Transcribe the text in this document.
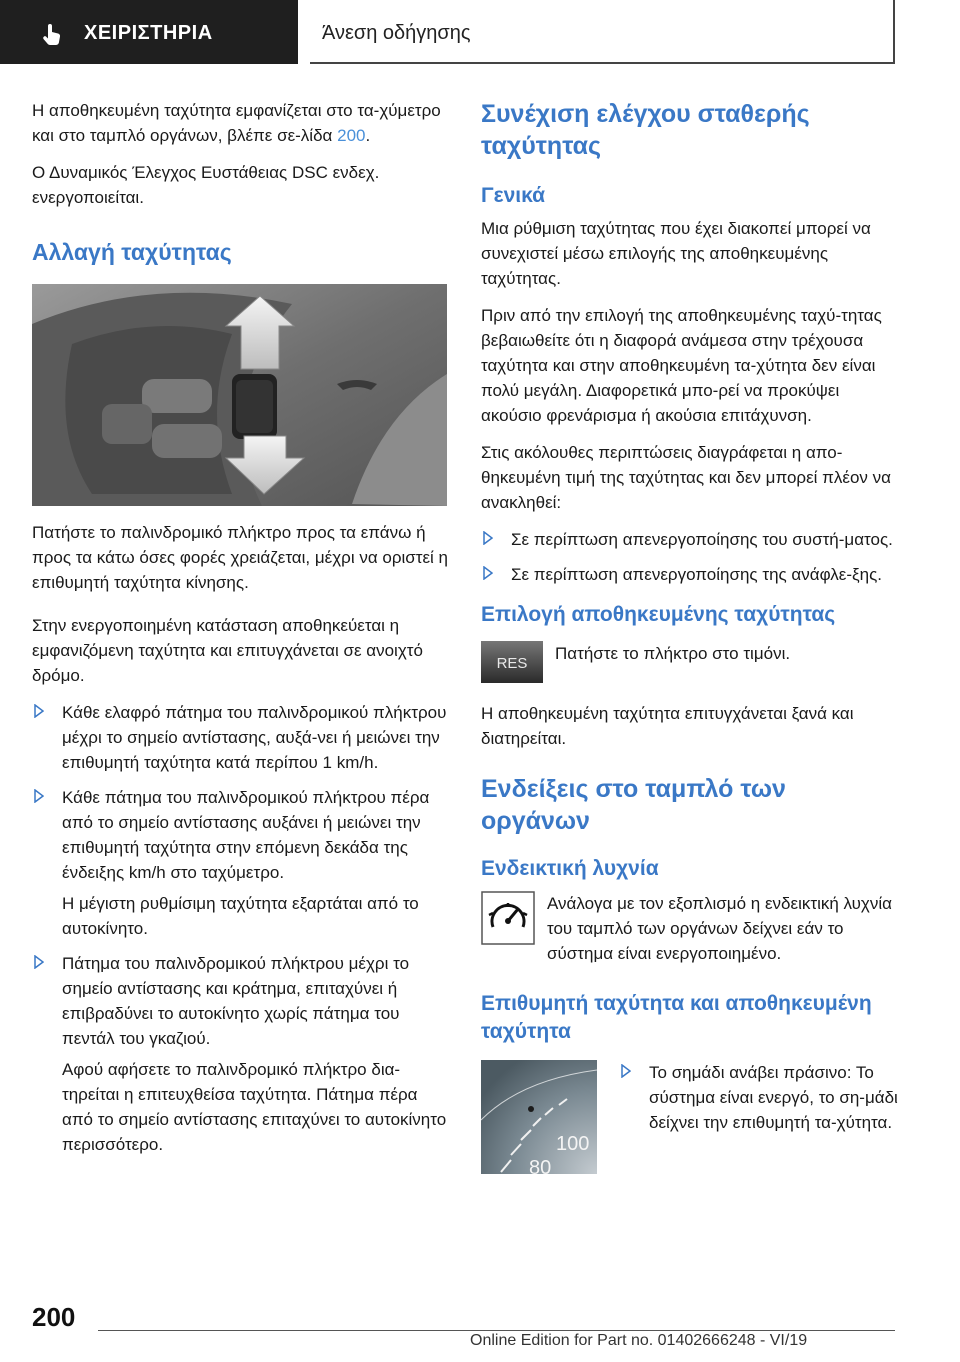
ΧΕΙΡΙΣΤΗΡΙΑ	Άνεση οδήγησης

Η αποθηκευμένη ταχύτητα εμφανίζεται στο τα-χύμετρο και στο ταμπλό οργάνων, βλέπε σε-λίδα 200.

Ο Δυναμικός Έλεγχος Ευστάθειας DSC ενδεχ. ενεργοποιείται.

Αλλαγή ταχύτητας

Πατήστε το παλινδρομικό πλήκτρο προς τα επάνω ή προς τα κάτω όσες φορές χρειάζεται, μέχρι να οριστεί η επιθυμητή ταχύτητα κίνησης.

Στην ενεργοποιημένη κατάσταση αποθηκεύεται η εμφανιζόμενη ταχύτητα και επιτυγχάνεται σε ανοιχτό δρόμο.

Κάθε ελαφρό πάτημα του παλινδρομικού πλήκτρου μέχρι το σημείο αντίστασης, αυξά-νει ή μειώνει την επιθυμητή ταχύτητα κατά περίπου 1 km/h.
Κάθε πάτημα του παλινδρομικού πλήκτρου πέρα από το σημείο αντίστασης αυξάνει ή μειώνει την επιθυμητή ταχύτητα στην επόμενη δεκάδα της ένδειξης km/h στο ταχύμετρο.

Η μέγιστη ρυθμίσιμη ταχύτητα εξαρτάται από το αυτοκίνητο.

Πάτημα του παλινδρομικού πλήκτρου μέχρι το σημείο αντίστασης και κράτημα, επιταχύνει ή επιβραδύνει το αυτοκίνητο χωρίς πάτημα του πεντάλ του γκαζιού.

Αφού αφήσετε το παλινδρομικό πλήκτρο δια-τηρείται η επιτευχθείσα ταχύτητα. Πάτημα πέρα από το σημείο αντίστασης επιταχύνει το αυτοκίνητο περισσότερο.

Συνέχιση ελέγχου σταθερής ταχύτητας
Γενικά

Μια ρύθμιση ταχύτητας που έχει διακοπεί μπορεί να συνεχιστεί μέσω επιλογής της αποθηκευμένης ταχύτητας.

Πριν από την επιλογή της αποθηκευμένης ταχύ-τητας βεβαιωθείτε ότι η διαφορά ανάμεσα στην τρέχουσα ταχύτητα και στην αποθηκευμένη τα-χύτητα δεν είναι πολύ μεγάλη. Διαφορετικά μπο-ρεί να προκύψει ακούσιο φρενάρισμα ή ακούσια επιτάχυνση.

Στις ακόλουθες περιπτώσεις διαγράφεται η απο-θηκευμένη τιμή της ταχύτητας και δεν μπορεί πλέον να ανακληθεί:

Σε περίπτωση απενεργοποίησης του συστή-ματος.
Σε περίπτωση απενεργοποίησης της ανάφλε-ξης.
Επιλογή αποθηκευμένης ταχύτητας
RES
Πατήστε το πλήκτρο στο τιμόνι.

Η αποθηκευμένη ταχύτητα επιτυγχάνεται ξανά και διατηρείται.

Ενδείξεις στο ταμπλό των οργάνων
Ενδεικτική λυχνία
Ανάλογα με τον εξοπλισμό η ενδεικτική λυχνία του ταμπλό των οργάνων δείχνει εάν το σύστημα είναι ενεργοποιημένο.
Επιθυμητή ταχύτητα και αποθηκευμένη ταχύτητα
100
80
Το σημάδι ανάβει πράσινο: Το σύστημα είναι ενεργό, το ση-μάδι δείχνει την επιθυμητή τα-χύτητα.
200
Online Edition for Part no. 01402666248 - VI/19
